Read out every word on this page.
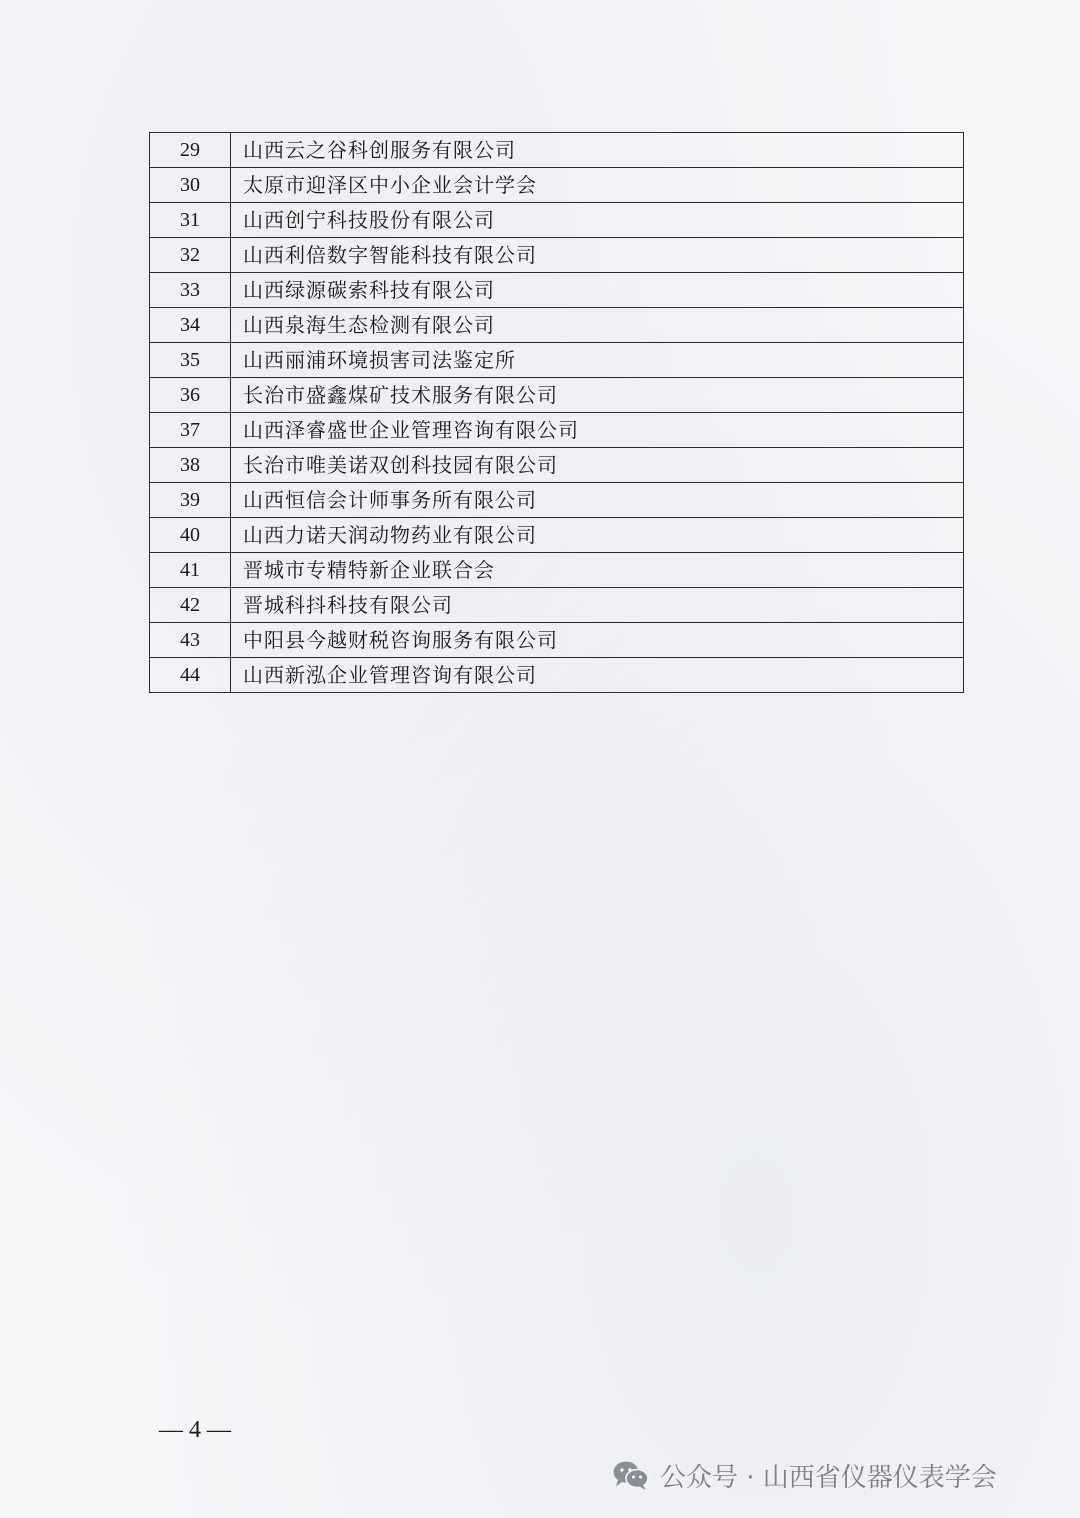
29	山西云之谷科创服务有限公司
30	太原市迎泽区中小企业会计学会
31	山西创宁科技股份有限公司
32	山西利倍数字智能科技有限公司
33	山西绿源碳索科技有限公司
34	山西泉海生态检测有限公司
35	山西丽浦环境损害司法鉴定所
36	长治市盛鑫煤矿技术服务有限公司
37	山西泽睿盛世企业管理咨询有限公司
38	长治市唯美诺双创科技园有限公司
39	山西恒信会计师事务所有限公司
40	山西力诺天润动物药业有限公司
41	晋城市专精特新企业联合会
42	晋城科抖科技有限公司
43	中阳县今越财税咨询服务有限公司
44	山西新泓企业管理咨询有限公司
— 4 —
公众号 · 山西省仪器仪表学会
